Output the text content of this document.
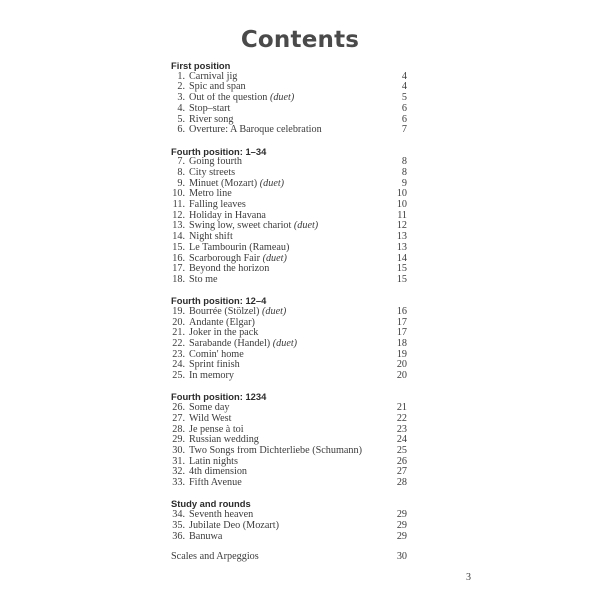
Contents
First position
1. Carnival jig	4
2. Spic and span	4
3. Out of the question (duet)	5
4. Stop–start	6
5. River song	6
6. Overture: A Baroque celebration	7
Fourth position: 1–34
7. Going fourth	8
8. City streets	8
9. Minuet (Mozart) (duet)	9
10. Metro line	10
11. Falling leaves	10
12. Holiday in Havana	11
13. Swing low, sweet chariot (duet)	12
14. Night shift	13
15. Le Tambourin (Rameau)	13
16. Scarborough Fair (duet)	14
17. Beyond the horizon	15
18. Sto me	15
Fourth position: 12–4
19. Bourrée (Stölzel) (duet)	16
20. Andante (Elgar)	17
21. Joker in the pack	17
22. Sarabande (Handel) (duet)	18
23. Comin' home	19
24. Sprint finish	20
25. In memory	20
Fourth position: 1234
26. Some day	21
27. Wild West	22
28. Je pense à toi	23
29. Russian wedding	24
30. Two Songs from Dichterliebe (Schumann)	25
31. Latin nights	26
32. 4th dimension	27
33. Fifth Avenue	28
Study and rounds
34. Seventh heaven	29
35. Jubilate Deo (Mozart)	29
36. Banuwa	29
Scales and Arpeggios	30
3
